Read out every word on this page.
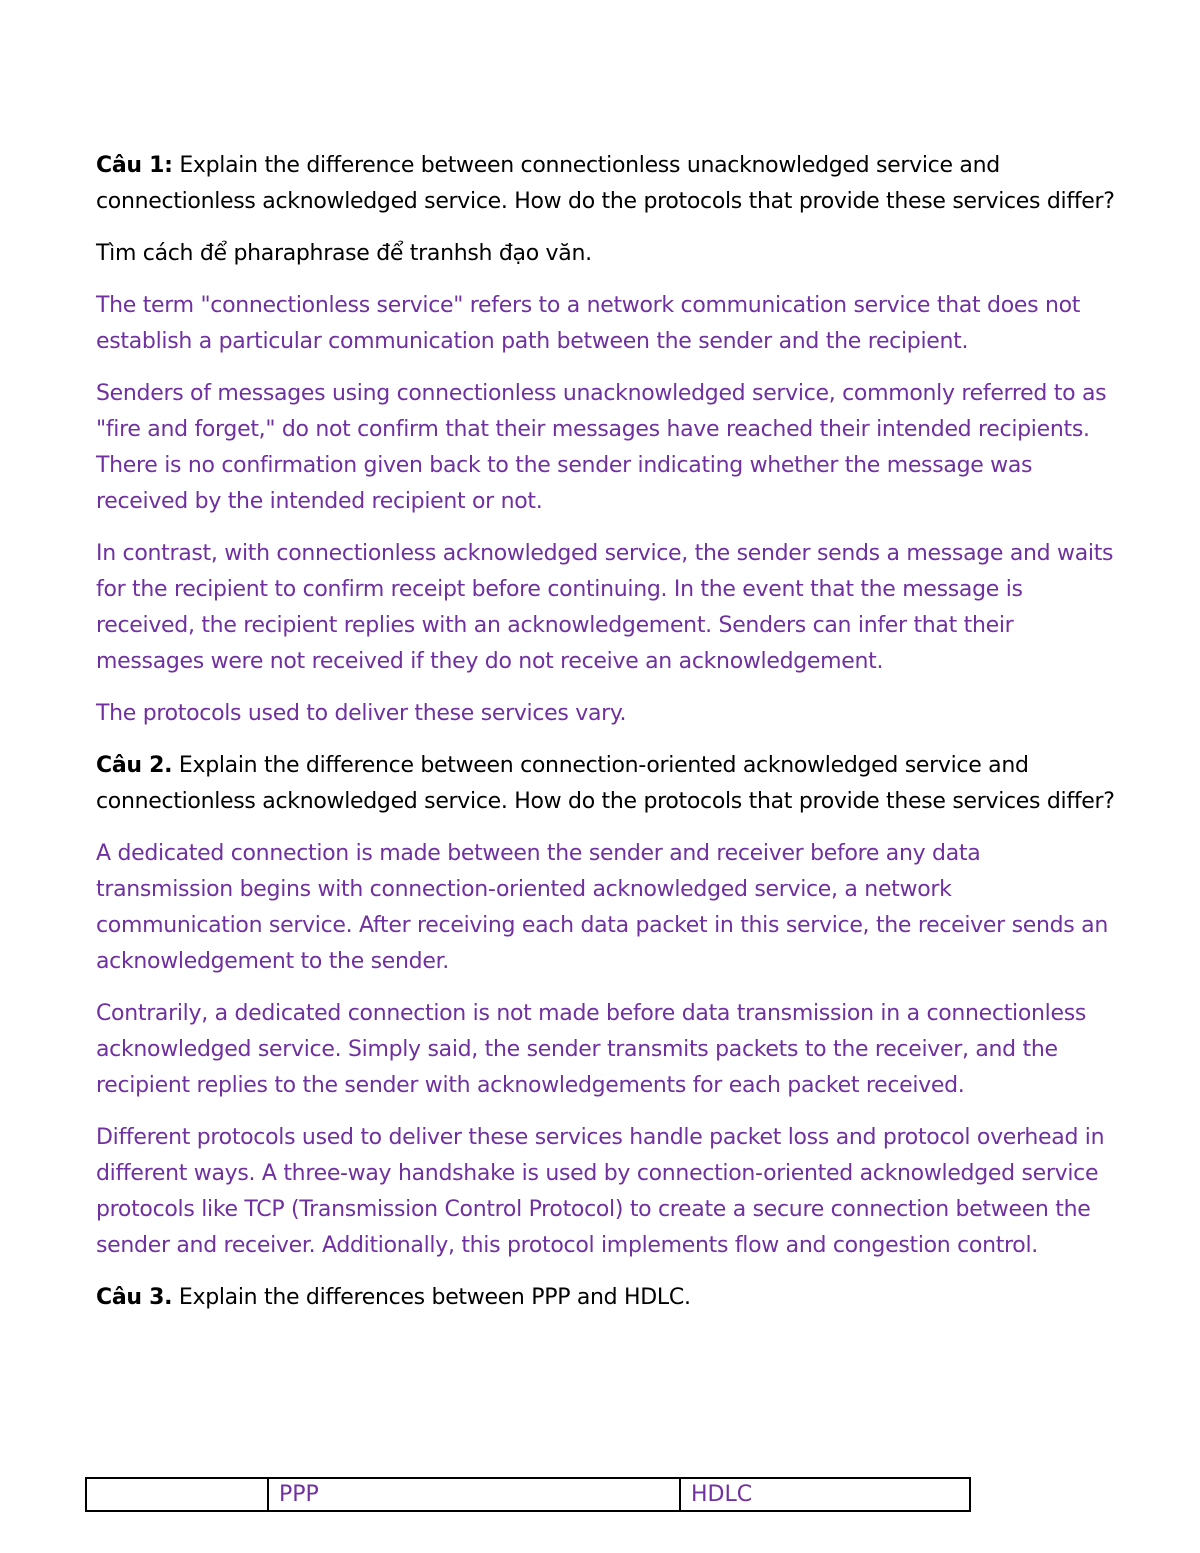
Câu 1: Explain the difference between connectionless unacknowledged service and connectionless acknowledged service. How do the protocols that provide these services differ?

Tìm cách để pharaphrase để tranhsh đạo văn.

The term "connectionless service" refers to a network communication service that does not establish a particular communication path between the sender and the recipient.

Senders of messages using connectionless unacknowledged service, commonly referred to as "fire and forget," do not confirm that their messages have reached their intended recipients. There is no confirmation given back to the sender indicating whether the message was received by the intended recipient or not.

In contrast, with connectionless acknowledged service, the sender sends a message and waits for the recipient to confirm receipt before continuing. In the event that the message is received, the recipient replies with an acknowledgement. Senders can infer that their messages were not received if they do not receive an acknowledgement.

The protocols used to deliver these services vary.

Câu 2. Explain the difference between connection-oriented acknowledged service and connectionless acknowledged service. How do the protocols that provide these services differ?

A dedicated connection is made between the sender and receiver before any data transmission begins with connection-oriented acknowledged service, a network communication service. After receiving each data packet in this service, the receiver sends an acknowledgement to the sender.

Contrarily, a dedicated connection is not made before data transmission in a connectionless acknowledged service. Simply said, the sender transmits packets to the receiver, and the recipient replies to the sender with acknowledgements for each packet received.

Different protocols used to deliver these services handle packet loss and protocol overhead in different ways. A three-way handshake is used by connection-oriented acknowledged service protocols like TCP (Transmission Control Protocol) to create a secure connection between the sender and receiver. Additionally, this protocol implements flow and congestion control.

Câu 3. Explain the differences between PPP and HDLC.

	PPP	HDLC
